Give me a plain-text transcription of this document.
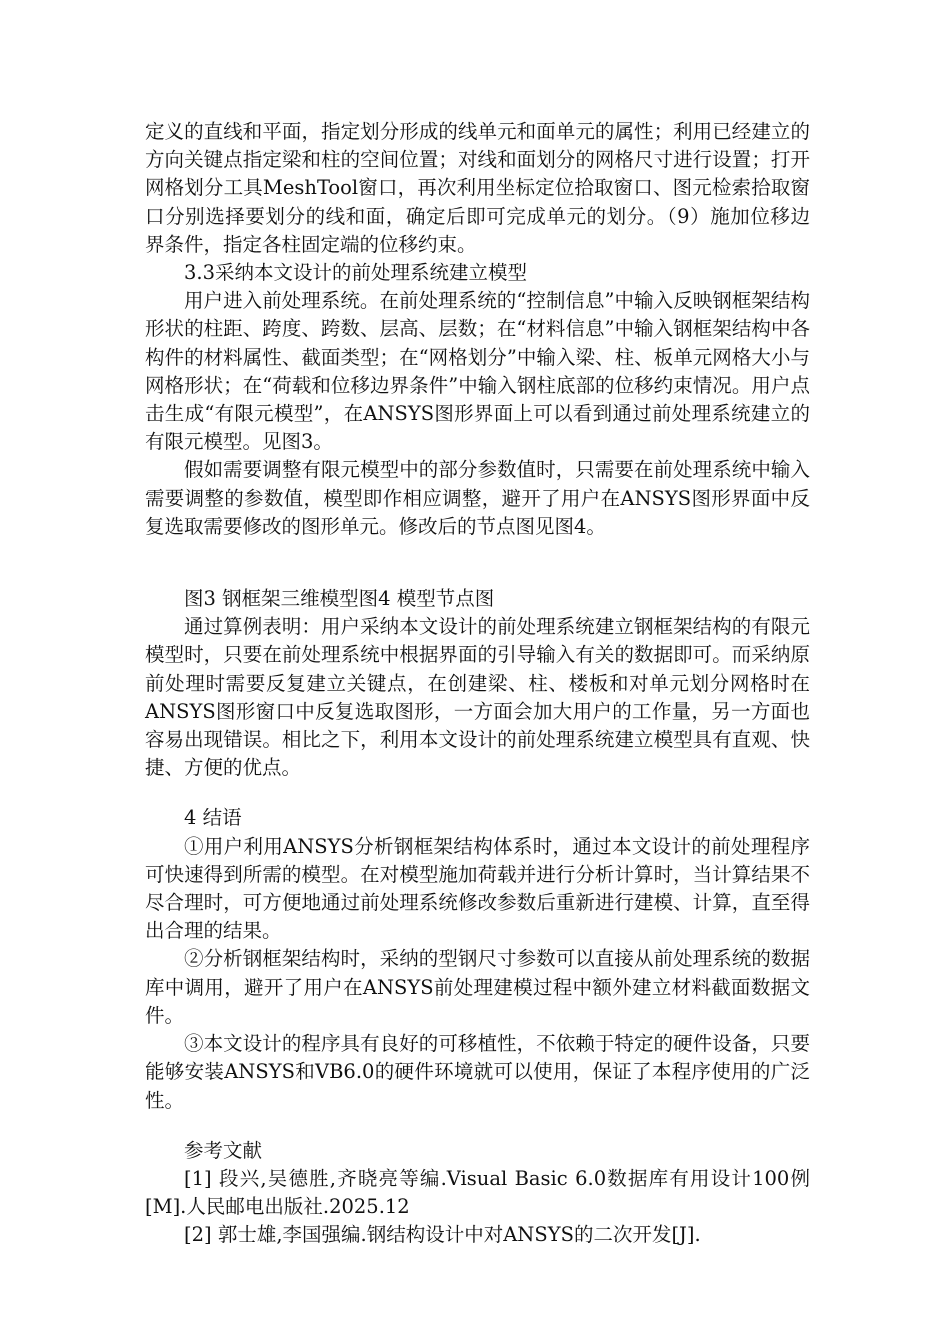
定义的直线和平面，指定划分形成的线单元和面单元的属性；利用已经建立的方向关键点指定梁和柱的空间位置；对线和面划分的网格尺寸进行设置；打开网格划分工具MeshTool窗口，再次利用坐标定位拾取窗口、图元检索拾取窗口分别选择要划分的线和面，确定后即可完成单元的划分。（9）施加位移边界条件，指定各柱固定端的位移约束。

3.3采纳本文设计的前处理系统建立模型

用户进入前处理系统。在前处理系统的“控制信息”中输入反映钢框架结构形状的柱距、跨度、跨数、层高、层数；在“材料信息”中输入钢框架结构中各构件的材料属性、截面类型；在“网格划分”中输入梁、柱、板单元网格大小与网格形状；在“荷载和位移边界条件”中输入钢柱底部的位移约束情况。用户点击生成“有限元模型”，在ANSYS图形界面上可以看到通过前处理系统建立的有限元模型。见图3。

假如需要调整有限元模型中的部分参数值时，只需要在前处理系统中输入需要调整的参数值，模型即作相应调整，避开了用户在ANSYS图形界面中反复选取需要修改的图形单元。修改后的节点图见图4。

图3 钢框架三维模型图4 模型节点图

通过算例表明：用户采纳本文设计的前处理系统建立钢框架结构的有限元模型时，只要在前处理系统中根据界面的引导输入有关的数据即可。而采纳原前处理时需要反复建立关键点，在创建梁、柱、楼板和对单元划分网格时在ANSYS图形窗口中反复选取图形，一方面会加大用户的工作量，另一方面也容易出现错误。相比之下，利用本文设计的前处理系统建立模型具有直观、快捷、方便的优点。

4 结语

①用户利用ANSYS分析钢框架结构体系时，通过本文设计的前处理程序可快速得到所需的模型。在对模型施加荷载并进行分析计算时，当计算结果不尽合理时，可方便地通过前处理系统修改参数后重新进行建模、计算，直至得出合理的结果。

②分析钢框架结构时，采纳的型钢尺寸参数可以直接从前处理系统的数据库中调用，避开了用户在ANSYS前处理建模过程中额外建立材料截面数据文件。

③本文设计的程序具有良好的可移植性，不依赖于特定的硬件设备，只要能够安装ANSYS和VB6.0的硬件环境就可以使用，保证了本程序使用的广泛性。

参考文献

[1] 段兴,吴德胜,齐晓亮等编.Visual Basic 6.0数据库有用设计100例[M].人民邮电出版社.2025.12

[2] 郭士雄,李国强编.钢结构设计中对ANSYS的二次开发[J].
